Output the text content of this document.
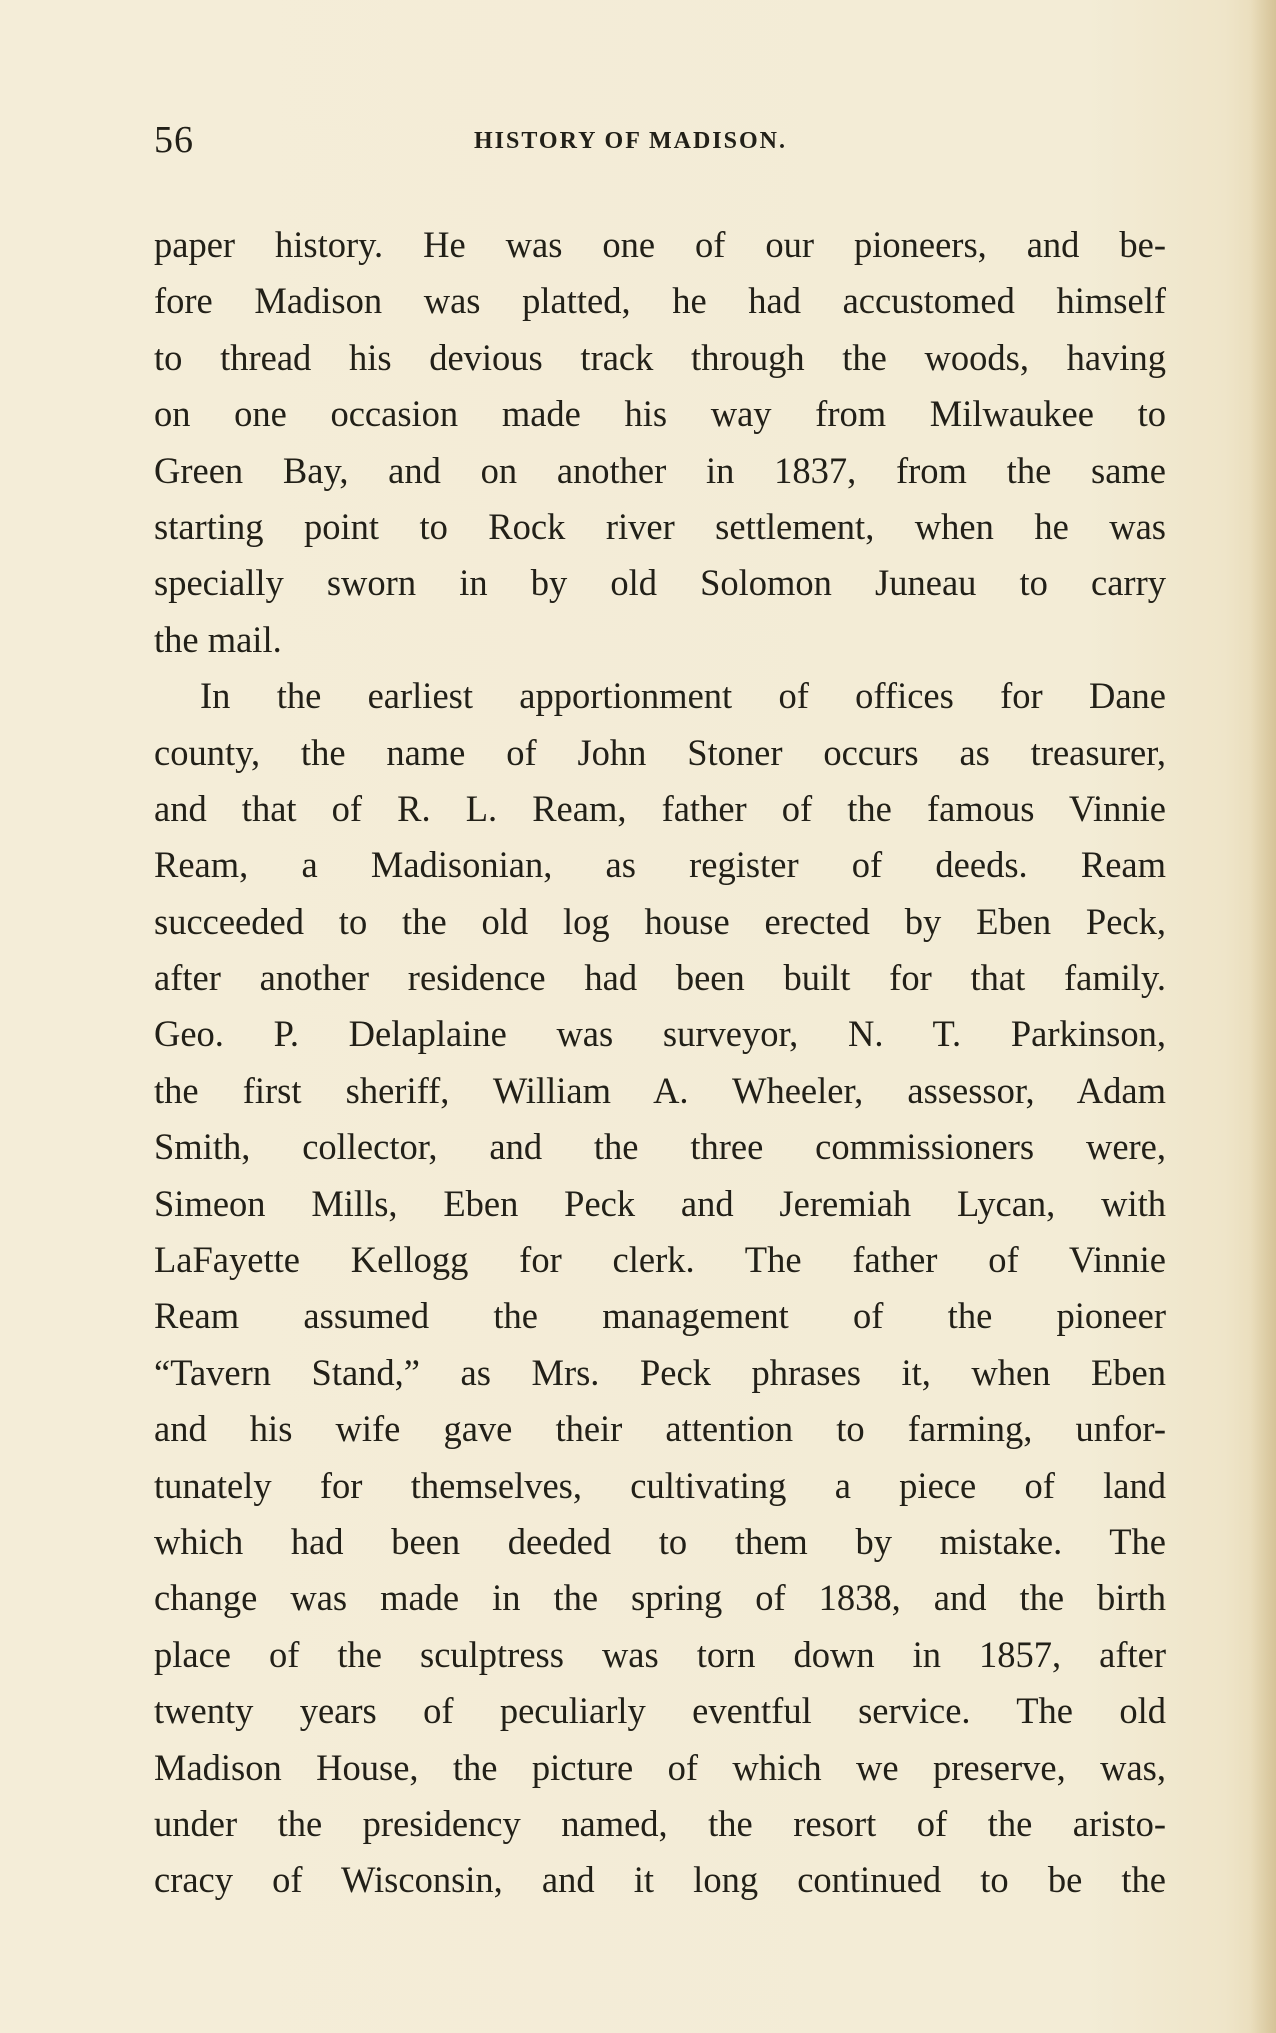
56	HISTORY OF MADISON.
paper history. He was one of our pioneers, and be-
fore Madison was platted, he had accustomed himself
to thread his devious track through the woods, having
on one occasion made his way from Milwaukee to
Green Bay, and on another in 1837, from the same
starting point to Rock river settlement, when he was
specially sworn in by old Solomon Juneau to carry
the mail.
In the earliest apportionment of offices for Dane
county, the name of John Stoner occurs as treasurer,
and that of R. L. Ream, father of the famous Vinnie
Ream, a Madisonian, as register of deeds. Ream
succeeded to the old log house erected by Eben Peck,
after another residence had been built for that family.
Geo. P. Delaplaine was surveyor, N. T. Parkinson,
the first sheriff, William A. Wheeler, assessor, Adam
Smith, collector, and the three commissioners were,
Simeon Mills, Eben Peck and Jeremiah Lycan, with
LaFayette Kellogg for clerk. The father of Vinnie
Ream assumed the management of the pioneer
“Tavern Stand,” as Mrs. Peck phrases it, when Eben
and his wife gave their attention to farming, unfor-
tunately for themselves, cultivating a piece of land
which had been deeded to them by mistake. The
change was made in the spring of 1838, and the birth
place of the sculptress was torn down in 1857, after
twenty years of peculiarly eventful service. The old
Madison House, the picture of which we preserve, was,
under the presidency named, the resort of the aristo-
cracy of Wisconsin, and it long continued to be the
